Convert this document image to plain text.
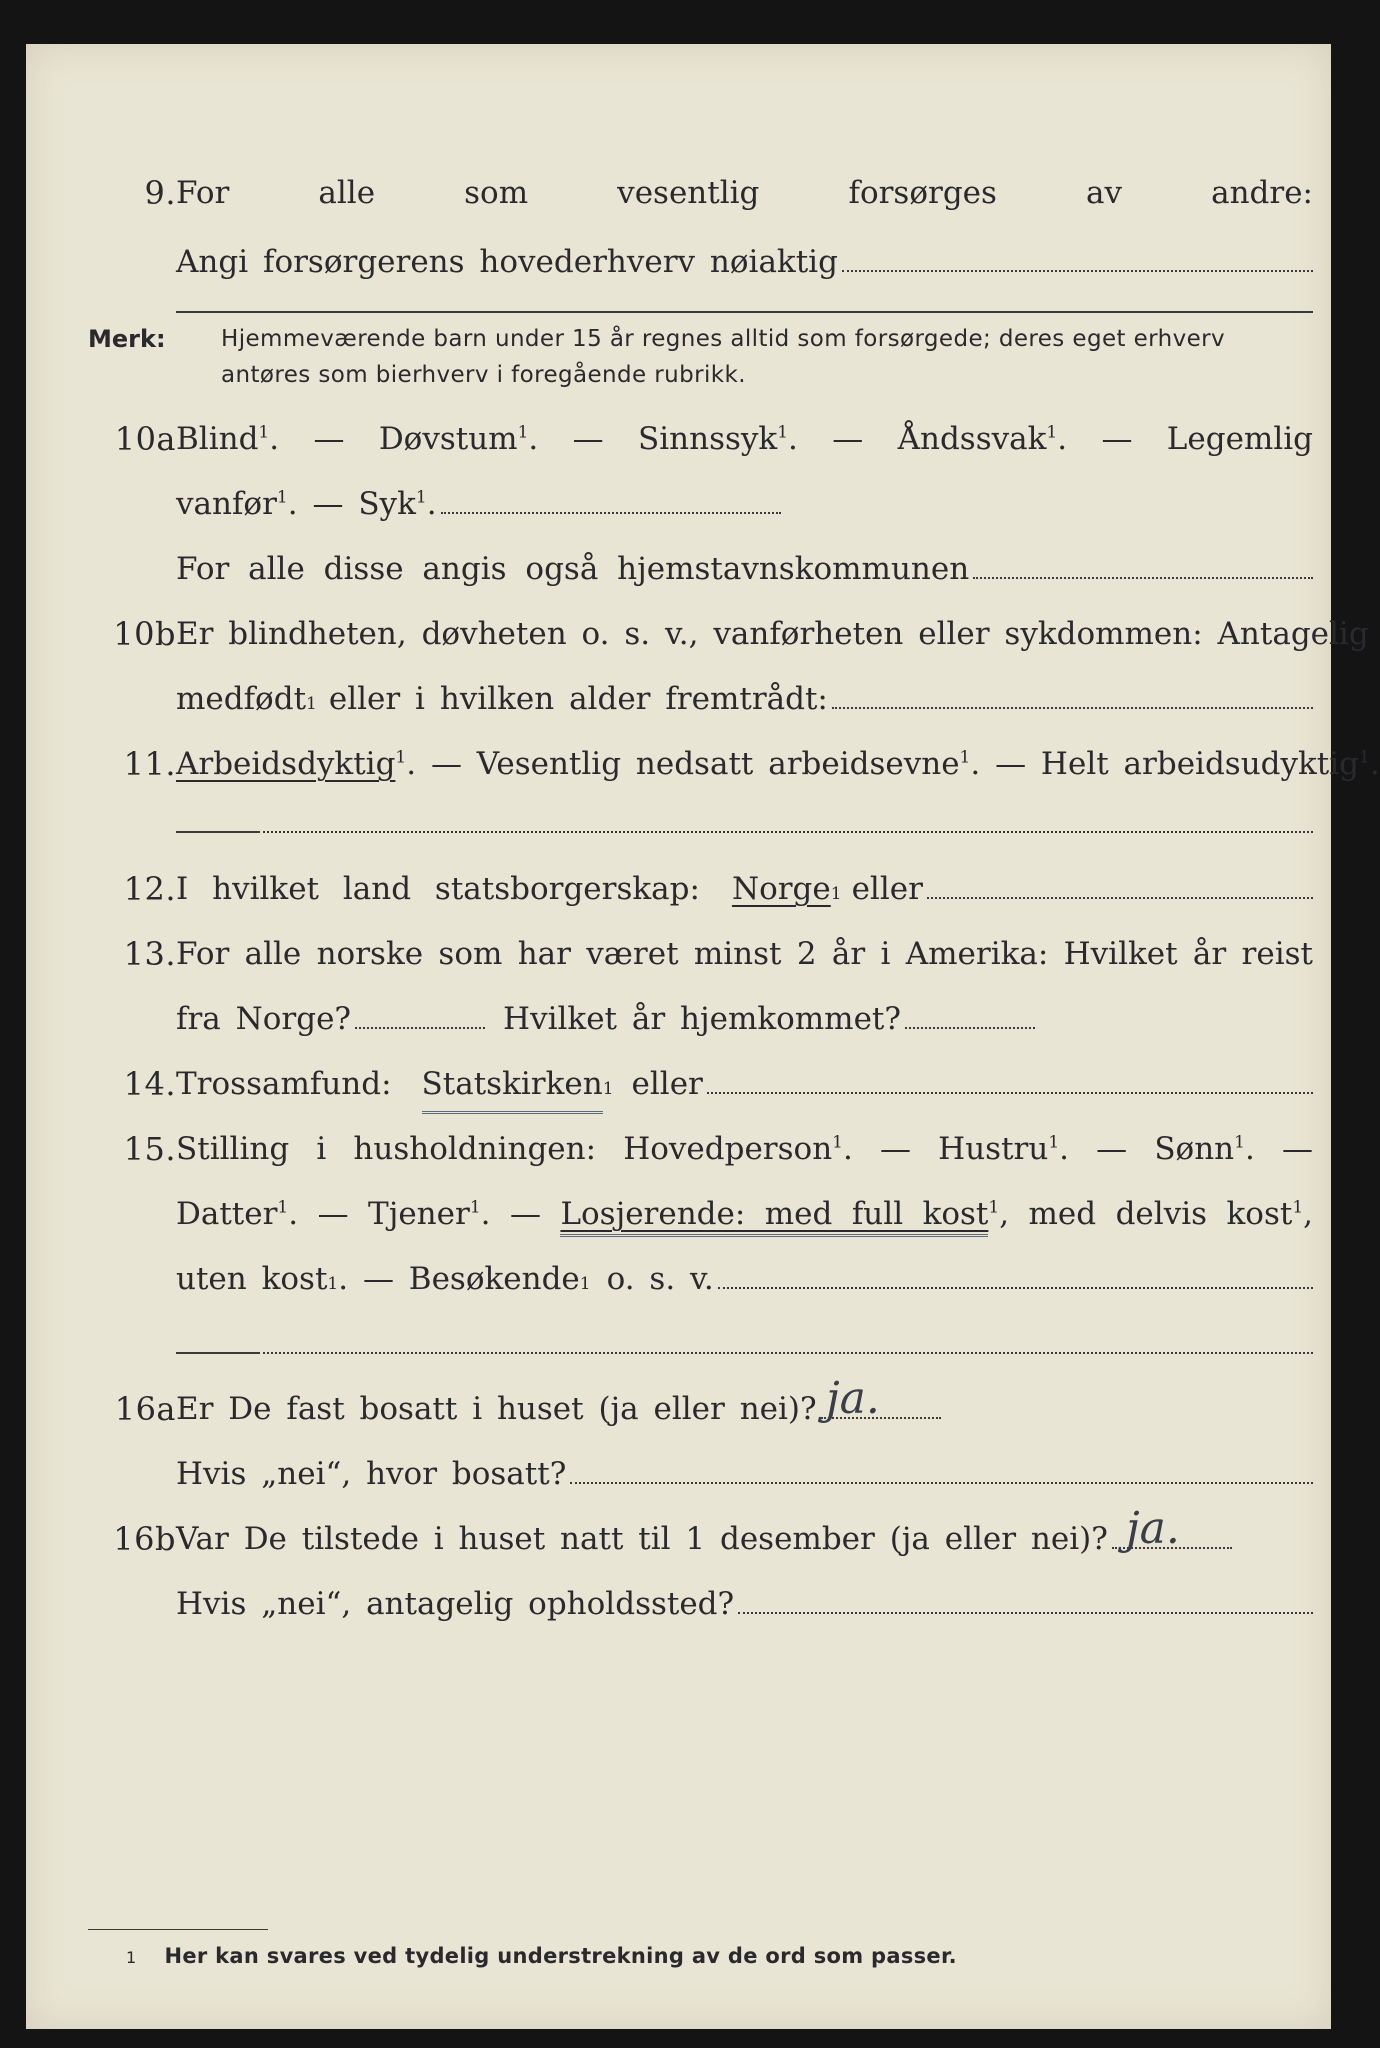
9. For alle som vesentlig forsørges av andre:
Angi forsørgerens hovederhverv nøiaktig
Merk: Hjemmeværende barn under 15 år regnes alltid som forsørgede; deres eget erhverv
antøres som bierhverv i foregående rubrikk.
10a Blind$^1$. — Døvstum$^1$. — Sinnssyk$^1$. — Åndssvak$^1$. — Legemlig
vanfør$^1$. — Syk$^1$.
For alle disse angis også hjemstavnskommunen
10b Er blindheten, døvheten o. s. v., vanførheten eller sykdommen: Antagelig
medfødt 1 eller i hvilken alder fremtrådt:
11. Arbeidsdyktig$^1$. — Vesentlig nedsatt arbeidsevne$^1$. — Helt arbeidsudyktig$^1$.
12. I hvilket land statsborgerskap: Norge 1 eller
13. For alle norske som har været minst 2 år i Amerika: Hvilket år reist
fra Norge?	Hvilket år hjemkommet?
14. Trossamfund: Statskirken 1 eller
15. Stilling i husholdningen: Hovedperson$^1$. — Hustru$^1$. — Sønn$^1$. —
Datter$^1$. — Tjener$^1$. — Losjerende: med full kost$^1$, med delvis kost$^1$,
uten kost 1 . — Besøkende 1 o. s. v.
16a Er De fast bosatt i huset (ja eller nei)? ja.
Hvis „nei“, hvor bosatt?
16b Var De tilstede i huset natt til 1 desember (ja eller nei)? ja.
Hvis „nei“, antagelig opholdssted?
1 Her kan svares ved tydelig understrekning av de ord som passer.
